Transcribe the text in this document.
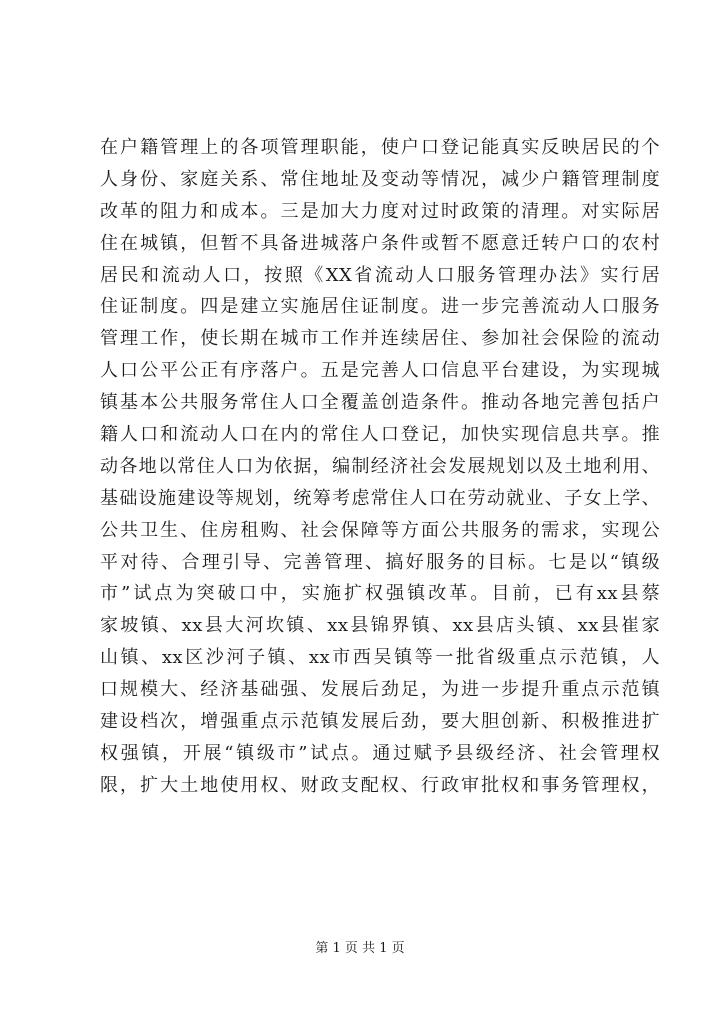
在户籍管理上的各项管理职能，使户口登记能真实反映居民的个
人身份、家庭关系、常住地址及变动等情况，减少户籍管理制度
改革的阻力和成本。三是加大力度对过时政策的清理。对实际居
住在城镇，但暂不具备进城落户条件或暂不愿意迁转户口的农村
居民和流动人口，按照《XX省流动人口服务管理办法》实行居
住证制度。四是建立实施居住证制度。进一步完善流动人口服务
管理工作，使长期在城市工作并连续居住、参加社会保险的流动
人口公平公正有序落户。五是完善人口信息平台建设，为实现城
镇基本公共服务常住人口全覆盖创造条件。推动各地完善包括户
籍人口和流动人口在内的常住人口登记，加快实现信息共享。推
动各地以常住人口为依据，编制经济社会发展规划以及土地利用、
基础设施建设等规划，统筹考虑常住人口在劳动就业、子女上学、
公共卫生、住房租购、社会保障等方面公共服务的需求，实现公
平对待、合理引导、完善管理、搞好服务的目标。七是以“镇级
市”试点为突破口中，实施扩权强镇改革。目前，已有xx县蔡
家坡镇、xx县大河坎镇、xx县锦界镇、xx县店头镇、xx县崔家
山镇、xx区沙河子镇、xx市西吴镇等一批省级重点示范镇，人
口规模大、经济基础强、发展后劲足，为进一步提升重点示范镇
建设档次，增强重点示范镇发展后劲，要大胆创新、积极推进扩
权强镇，开展“镇级市”试点。通过赋予县级经济、社会管理权
限，扩大土地使用权、财政支配权、行政审批权和事务管理权，
第 1 页 共 1 页
